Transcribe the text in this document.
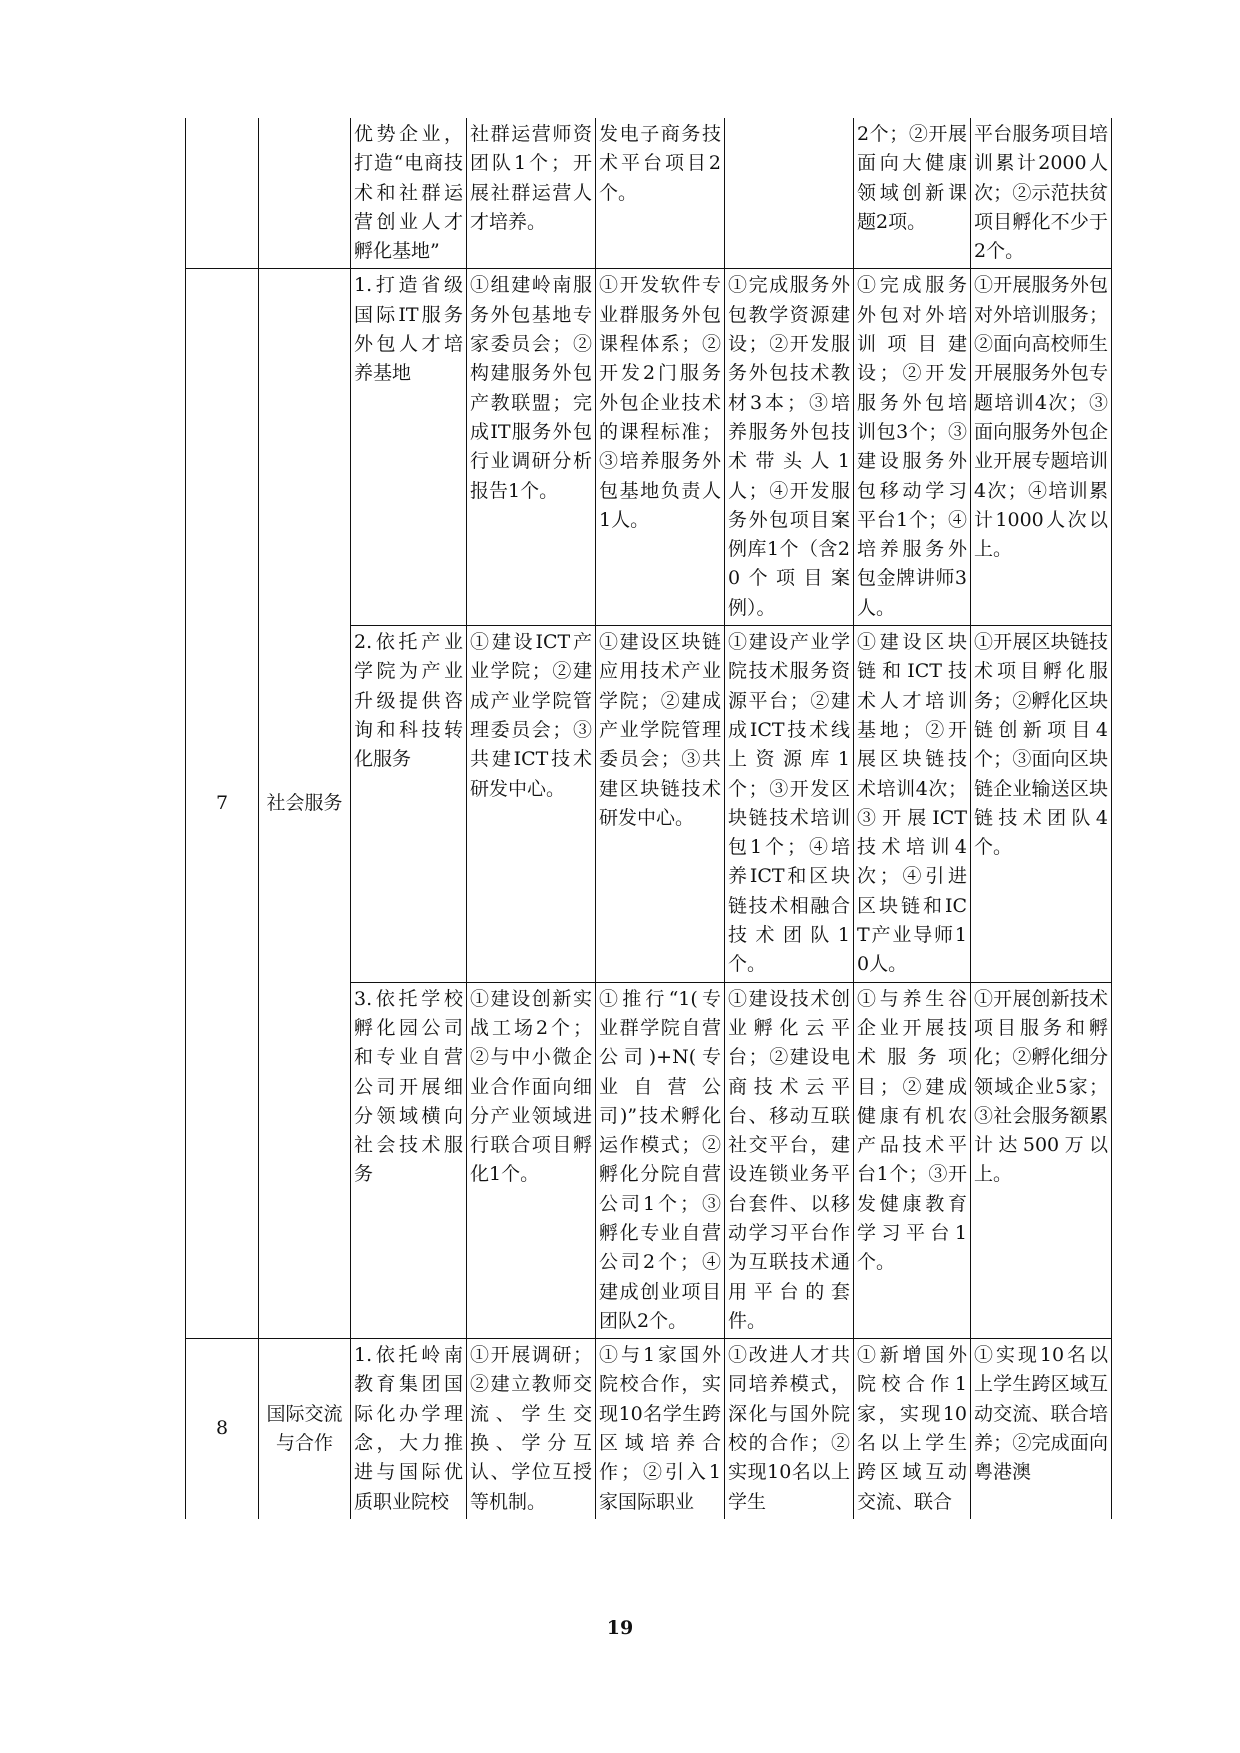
		优势企业，打造“电商技术和社群运营创业人才孵化基地”	社群运营师资团队1个；开展社群运营人才培养。	发电子商务技术平台项目2个。		2个；②开展面向大健康领域创新课题2项。	平台服务项目培训累计2000人次；②示范扶贫项目孵化不少于2个。
7	社会服务	1.打造省级国际IT服务外包人才培养基地	①组建岭南服务外包基地专家委员会；②构建服务外包产教联盟；完成IT服务外包行业调研分析报告1个。	①开发软件专业群服务外包课程体系；②开发2门服务外包企业技术的课程标准；③培养服务外包基地负责人1人。	①完成服务外包教学资源建设；②开发服务外包技术教材3本；③培养服务外包技术带头人1人；④开发服务外包项目案例库1个（含20个项目案例）。	①完成服务外包对外培训项目建设；②开发服务外包培训包3个；③建设服务外包移动学习平台1个；④培养服务外包金牌讲师3人。	①开展服务外包对外培训服务；②面向高校师生开展服务外包专题培训4次；③面向服务外包企业开展专题培训4次；④培训累计1000人次以上。
		2.依托产业学院为产业升级提供咨询和科技转化服务	①建设ICT产业学院；②建成产业学院管理委员会；③共建ICT技术研发中心。	①建设区块链应用技术产业学院；②建成产业学院管理委员会；③共建区块链技术研发中心。	①建设产业学院技术服务资源平台；②建成ICT技术线上资源库1个；③开发区块链技术培训包1个；④培养ICT和区块链技术相融合技术团队1个。	①建设区块链和ICT技术人才培训基地；②开展区块链技术培训4次；③开展ICT技术培训4次；④引进区块链和ICT产业导师10人。	①开展区块链技术项目孵化服务；②孵化区块链创新项目4个；③面向区块链企业输送区块链技术团队4个。
		3.依托学校孵化园公司和专业自营公司开展细分领域横向社会技术服务	①建设创新实战工场2个；②与中小微企业合作面向细分产业领域进行联合项目孵化1个。	①推行“1(专业群学院自营公司)+N(专业自营公司)”技术孵化运作模式；②孵化分院自营公司1个；③孵化专业自营公司2个；④建成创业项目团队2个。	①建设技术创业孵化云平台；②建设电商技术云平台、移动互联社交平台，建设连锁业务平台套件、以移动学习平台作为互联技术通用平台的套件。	①与养生谷企业开展技术服务项目；②建成健康有机农产品技术平台1个；③开发健康教育学习平台1个。	①开展创新技术项目服务和孵化；②孵化细分领域企业5家；③社会服务额累计达500万以上。
8	国际交流与合作	1.依托岭南教育集团国际化办学理念，大力推进与国际优质职业院校	①开展调研；②建立教师交流、学生交换、学分互认、学位互授等机制。	①与1家国外院校合作，实现10名学生跨区域培养合作；②引入1家国际职业	①改进人才共同培养模式，深化与国外院校的合作；②实现10名以上学生	①新增国外院校合作1家，实现10名以上学生跨区域互动交流、联合	①实现10名以上学生跨区域互动交流、联合培养；②完成面向粤港澳
19
